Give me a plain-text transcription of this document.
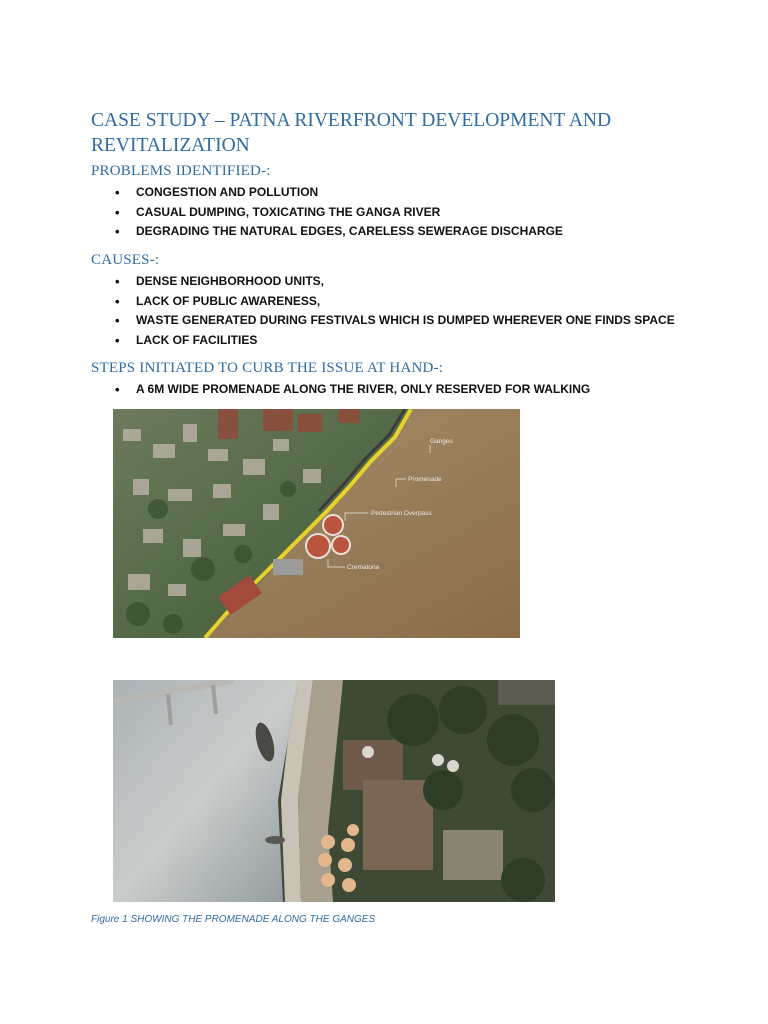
CASE STUDY – PATNA RIVERFRONT DEVELOPMENT AND REVITALIZATION
PROBLEMS IDENTIFIED-:
• CONGESTION AND POLLUTION
• CASUAL DUMPING, TOXICATING THE GANGA RIVER
• DEGRADING THE NATURAL EDGES, CARELESS SEWERAGE DISCHARGE
CAUSES-:
• DENSE NEIGHBORHOOD UNITS,
• LACK OF PUBLIC AWARENESS,
• WASTE GENERATED DURING FESTIVALS WHICH IS DUMPED WHEREVER ONE FINDS SPACE
• LACK OF FACILITIES
STEPS INITIATED TO CURB THE ISSUE AT HAND-:
• A 6M WIDE PROMENADE ALONG THE RIVER, ONLY RESERVED FOR WALKING
Ganges
Promenade
Pedestrian Overpass
Crematoria

Figure 1 SHOWING THE PROMENADE ALONG THE GANGES
